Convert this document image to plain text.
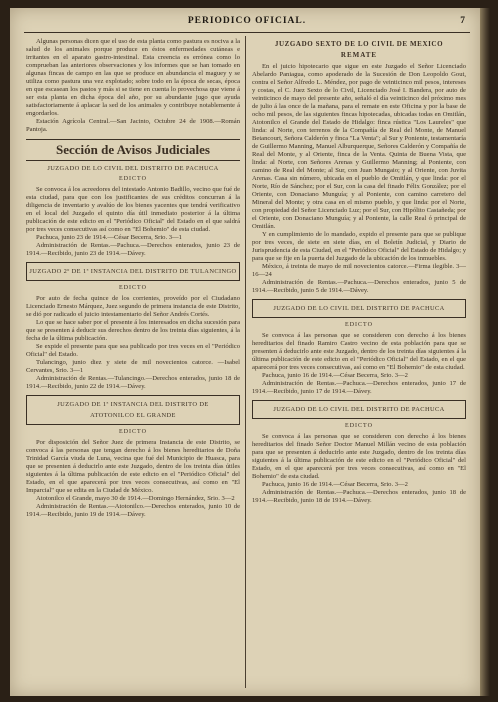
PERIODICO OFICIAL.	7

Algunas personas dicen que el uso de esta planta como pastura es nociva a la salud de los animales porque produce en éstos enfermedades cutáneas e irritantes en el aparato gastro-intestinal. Esta creencia es errónea como lo comprueban las anteriores observaciones y los informes que se han tomado en algunas fincas de campo en las que se produce en abundancia el maguey y se utiliza como pastura una vez explotado; sobre todo en la época de secas, época en que escasean los pastos y más si se tiene en cuenta lo provechosa que viene á ser esta planta en dicha época del año, por su abundante jugo que ayuda satisfactoriamente á aplacar la sed de los animales y contribuye notablemente á engordarlos.

Estación Agrícola Central.—San Jacinto, Octubre 24 de 1908.—Román Pantoja.

Sección de Avisos Judiciales
JUZGADO DE LO CIVIL DEL DISTRITO DE PACHUCA
EDICTO

Se convoca á los acreedores del intestado Antonio Badillo, vecino que fué de esta ciudad, para que con los justificantes de sus créditos concurran á la diligencia de inventario y avalúo de los bienes yacentes que tendrá verificativo en el local del Juzgado el quinto día útil inmediato posterior á la última publicación de este edicto en el "Periódico Oficial" del Estado en el que saldrá por tres veces consecutivas así como en "El Bohemio" de esta ciudad.

Pachuca, junio 23 de 1914.—César Becerra, Srio. 3—1

Administración de Rentas.—Pachuca.—Derechos enterados, junio 23 de 1914.—Recibido, junio 23 de 1914.—Dávey.

JUZGADO 2º DE 1ª INSTANCIA DEL DISTRITO DE TULANCINGO
EDICTO

Por auto de fecha quince de los corrientes, proveído por el Ciudadano Licenciado Ernesto Márquez, Juez segundo de primera instancia de este Distrito, se dió por radicado el juicio intestamentario del Señor Andrés Cortés.

Lo que se hace saber por el presente á los interesados en dicha sucesión para que se presenten á deducir sus derechos dentro de los treinta días siguientes, á la fecha de la última publicación.

Se expide el presente para que sea publicado por tres veces en el "Periódico Oficial" del Estado.

Tulancingo, junio diez y siete de mil novecientos catorce. —Isabel Cervantes, Srio. 3—1

Administración de Rentas.—Tulancingo.—Derechos enterados, junio 18 de 1914.—Recibido, junio 22 de 1914.—Dávey.

JUZGADO DE 1ª INSTANCIA DEL DISTRITO DE
ATOTONILCO EL GRANDE
EDICTO

Por disposición del Señor Juez de primera Instancia de este Distrito, se convoca á las personas que tengan derecho á los bienes hereditarios de Doña Trinidad García viuda de Luna, vecina que fué del Municipio de Huasca, para que se presenten á deducirlo ante este Juzgado, dentro de los treinta días útiles siguientes á la última publicación de este edicto en el "Periódico Oficial" del Estado, en el que aparecerá por tres veces consecutivas, así como en "El Imparcial" que se edita en la Ciudad de México.

Atotonilco el Grande, mayo 30 de 1914.—Domingo Hernández, Srio. 3—2

Administración de Rentas.—Atotonilco.—Derechos enterados, junio 10 de 1914.—Recibido, junio 19 de 1914.—Dávey.

JUZGADO SEXTO DE LO CIVIL DE MEXICO
REMATE

En el juicio hipotecario que sigue en este Juzgado el Señor Licenciado Abelardo Paniagua, como apoderado de la Sucesión de Don Leopoldo Gout, contra el Señor Alfredo L. Méndez, por pago de veinticinco mil pesos, intereses y costas, el C. Juez Sexto de lo Civil, Licenciado José I. Bandera, por auto de veinticinco de mayo del presente año, señaló el día veinticinco del próximo mes de julio á las once de la mañana, para el remate en este Oficina y por la base de ocho mil pesos, de las siguientes fincas hipotecadas, ubicadas todas en Omitlán, Atotonilco el Grande del Estado de Hidalgo: finca rústica "Los Laureles" que linda: al Norte, con terrenos de la Compañía de Real del Monte, de Manuel Betancourt, Señora Calderón y finca "La Venta"; al Sur y Poniente, testamentaría de Guillermo Manning, Manuel Alburquerque, Señores Calderón y Compañía de Real del Monte, y al Oriente, finca de la Venta. Quinta de Buena Vista, que linda: al Norte, con Señores Arenas y Guillermo Manning; al Poniente, con camino de Real del Monte; al Sur, con Juan Mungaio; y al Oriente, con Juvita Arenas. Casa sin número, ubicada en el pueblo de Omitlán, y que linda: por el Norte, Río de Sánchez; por el Sur, con la casa del finado Félix González; por el Oriente, con Donaciano Munguía; y al Poniente, con camino carretero del Mineral del Monte; y otra casa en el mismo pueblo, y que linda: por el Norte, con propiedad del Señor Licenciado Luz; por el Sur, con Hipólito Castañeda; por el Oriente, con Donaciano Munguía; y al Poniente, la calle Real ó principal de Omitlán.

Y en cumplimiento de lo mandado, expido el presente para que se publique por tres veces, de siete en siete días, en el Boletín Judicial, y Diario de Jurisprudencia de esta Ciudad, en el "Periódico Oficial" del Estado de Hidalgo; y para que se fije en la puerta del Juzgado de la ubicación de los inmuebles.

México, á treinta de mayo de mil novecientos catorce.—Firma ilegible. 3—16—24

Administración de Rentas.—Pachuca.—Derechos enterados, junio 5 de 1914.—Recibido, junio 5 de 1914.—Dávey.

JUZGADO DE LO CIVIL DEL DISTRITO DE PACHUCA
EDICTO

Se convoca á las personas que se consideren con derecho á los bienes hereditarios del finado Ramiro Castro vecino de esta población para que se presenten á deducirlo ante este Juzgado, dentro de los treinta días siguientes á la última publicación de este edicto en el "Periódico Oficial" del Estado, en el que aparecerá por tres veces consecutivas, así como en "El Bohemio" de esta ciudad.

Pachuca, junio 16 de 1914.—César Becerra, Srio. 3—2

Administración de Rentas.—Pachuca.—Derechos enterados, junio 17 de 1914.—Recibido, junio 17 de 1914.—Dávey.

JUZGADO DE LO CIVIL DEL DISTRITO DE PACHUCA
EDICTO

Se convoca á las personas que se consideren con derecho á los bienes hereditarios del finado Señor Doctor Manuel Millán vecino de esta población para que se presenten á deducirlo ante este Juzgado, dentro de los treinta días siguientes á la última publicación de este edicto en el "Periódico Oficial" del Estado, en el que aparecerá por tres veces consecutivas, así como en "El Bohemio" de esta ciudad.

Pachuca, junio 16 de 1914.—César Becerra, Srio. 3—2

Administración de Rentas.—Pachuca.—Derechos enterados, junio 18 de 1914.—Recibido, junio 18 de 1914.—Dávey.
